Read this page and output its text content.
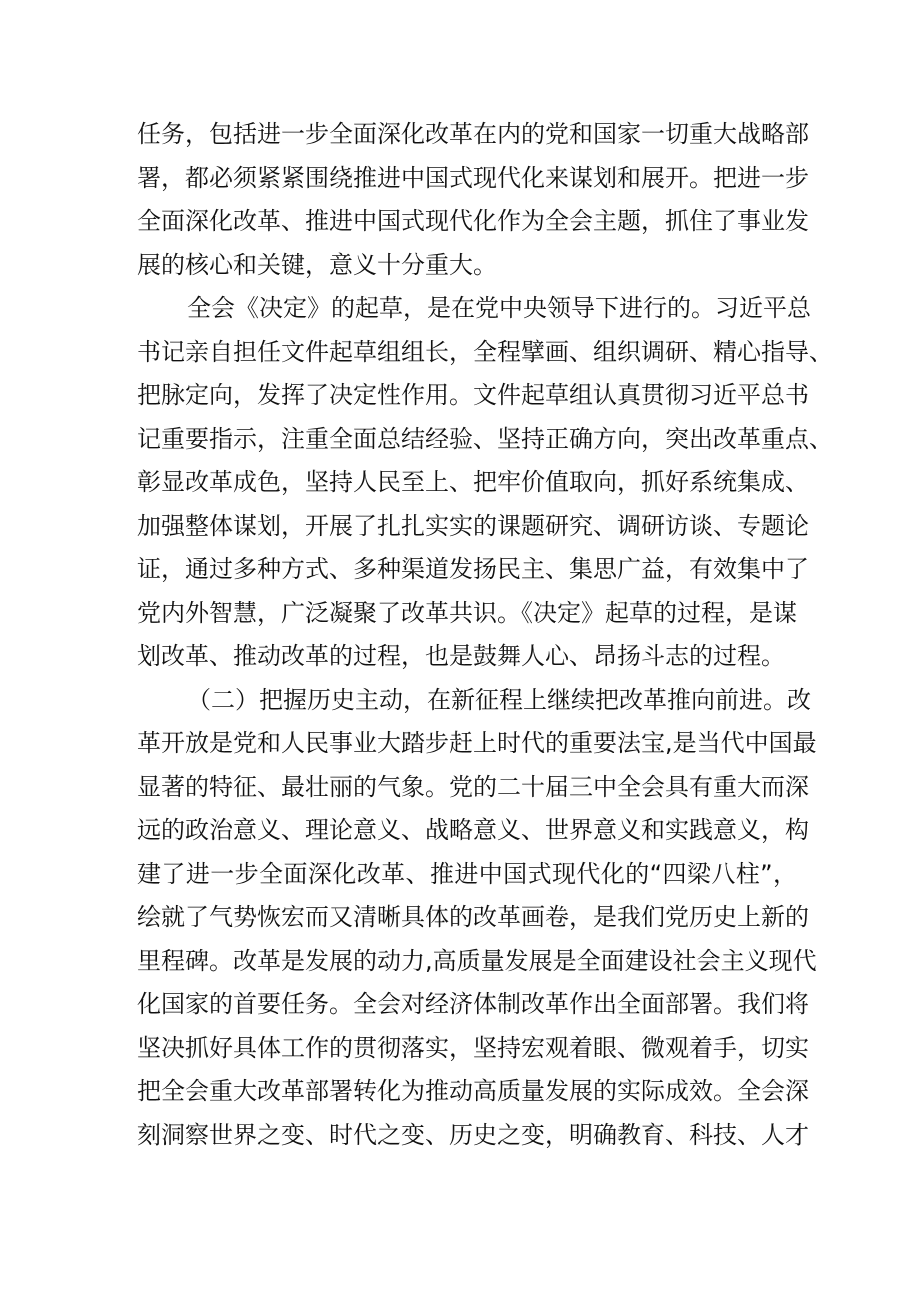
任务，包括进一步全面深化改革在内的党和国家一切重大战略部
署，都必须紧紧围绕推进中国式现代化来谋划和展开。把进一步
全面深化改革、推进中国式现代化作为全会主题，抓住了事业发
展的核心和关键，意义十分重大。
全会《决定》的起草，是在党中央领导下进行的。习近平总
书记亲自担任文件起草组组长，全程擘画、组织调研、精心指导、
把脉定向，发挥了决定性作用。文件起草组认真贯彻习近平总书
记重要指示，注重全面总结经验、坚持正确方向，突出改革重点、
彰显改革成色，坚持人民至上、把牢价值取向，抓好系统集成、
加强整体谋划，开展了扎扎实实的课题研究、调研访谈、专题论
证，通过多种方式、多种渠道发扬民主、集思广益，有效集中了
党内外智慧，广泛凝聚了改革共识。《决定》起草的过程，是谋
划改革、推动改革的过程，也是鼓舞人心、昂扬斗志的过程。
（二）把握历史主动，在新征程上继续把改革推向前进。改
革开放是党和人民事业大踏步赶上时代的重要法宝,是当代中国最
显著的特征、最壮丽的气象。党的二十届三中全会具有重大而深
远的政治意义、理论意义、战略意义、世界意义和实践意义，构
建了进一步全面深化改革、推进中国式现代化的“四梁八柱”，
绘就了气势恢宏而又清晰具体的改革画卷，是我们党历史上新的
里程碑。改革是发展的动力,高质量发展是全面建设社会主义现代
化国家的首要任务。全会对经济体制改革作出全面部署。我们将
坚决抓好具体工作的贯彻落实，坚持宏观着眼、微观着手，切实
把全会重大改革部署转化为推动高质量发展的实际成效。全会深
刻洞察世界之变、时代之变、历史之变，明确教育、科技、人才
